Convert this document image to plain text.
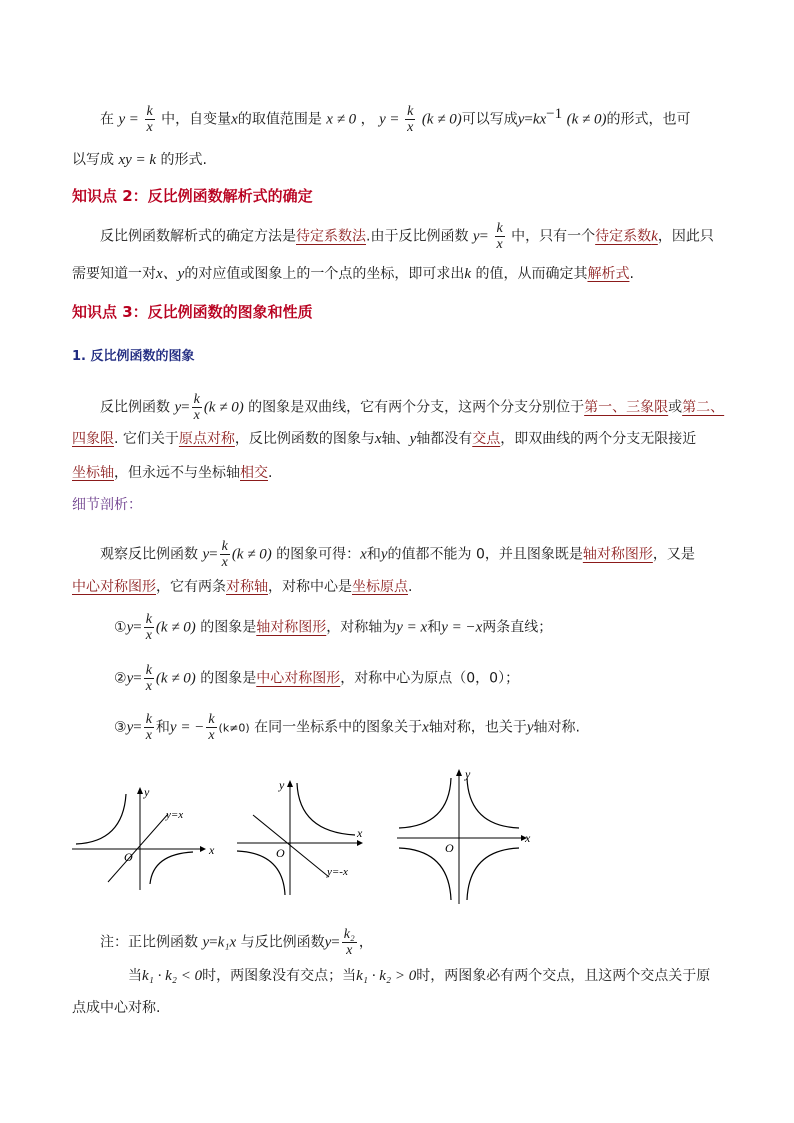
在 $y = \frac{k}{x}$ 中，自变量x的取值范围是 x ≠ 0 ， $y = \frac{k}{x} (k \ne 0)$可以写成$y=kx^{-1}$ (k ≠ 0)的形式，也可
以写成 xy = k 的形式.
知识点 2：反比例函数解析式的确定
反比例函数解析式的确定方法是待定系数法.由于反比例函数 $y= \frac{k}{x}$ 中，只有一个待定系数k，因此只
需要知道一对x、y的对应值或图象上的一个点的坐标，即可求出k 的值，从而确定其解析式.
知识点 3：反比例函数的图象和性质
1. 反比例函数的图象
反比例函数 $y= \frac{k}{x} (k \ne 0)$ 的图象是双曲线，它有两个分支，这两个分支分别位于第一、三象限或第二、
四象限. 它们关于原点对称，反比例函数的图象与x轴、y轴都没有交点，即双曲线的两个分支无限接近
坐标轴，但永远不与坐标轴相交.
细节剖析：
观察反比例函数 $y= \frac{k}{x} (k \ne 0)$ 的图象可得：x和y的值都不能为 0，并且图象既是轴对称图形，又是
中心对称图形，它有两条对称轴，对称中心是坐标原点.
①y= $\frac{k}{x} (k \ne 0)$ 的图象是轴对称图形，对称轴为y = x和y = −x两条直线；
②y= $\frac{k}{x} (k \ne 0)$ 的图象是中心对称图形，对称中心为原点（0，0）；
③y= $\frac{k}{x}$ 和y = − $\frac{k}{x} (k\ne 0)$ 在同一坐标系中的图象关于x轴对称，也关于y轴对称.
y
x
O
y=x
y
x
O
y=-x
y
x
O
注：正比例函数 y=k₁x 与反比例函数$y= \frac{\text{k₂}}{x}$ ，
当k₁ · k₂ < 0时，两图象没有交点；当k₁ · k₂ > 0时，两图象必有两个交点，且这两个交点关于原
点成中心对称.
